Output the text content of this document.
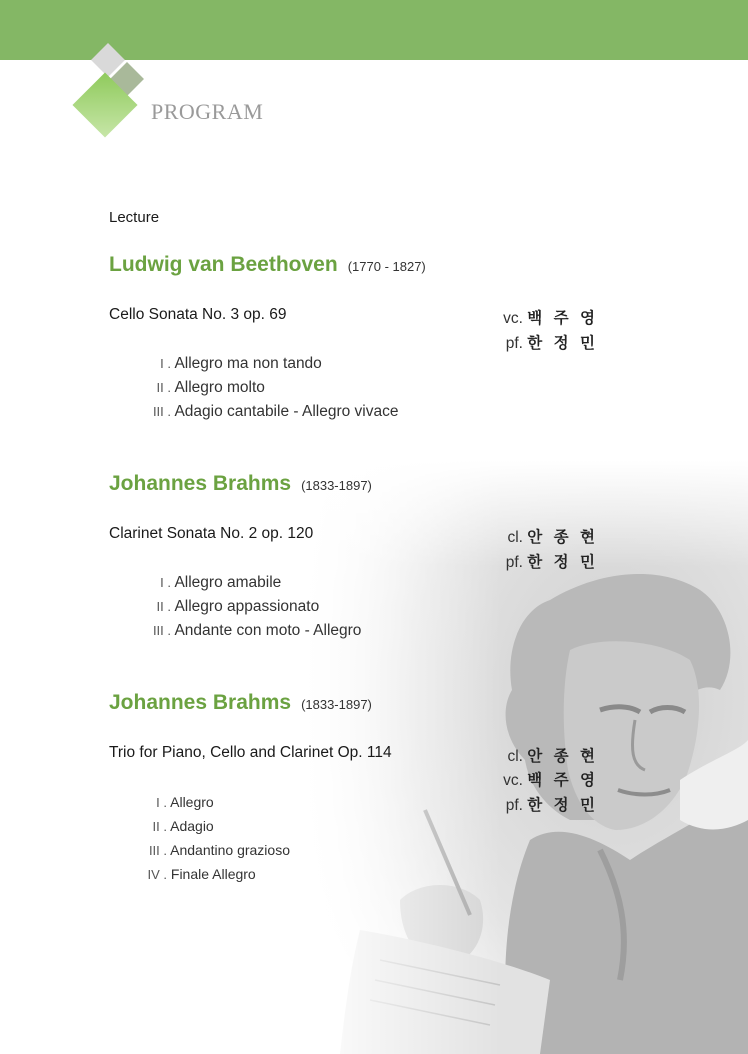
PROGRAM
Lecture
Ludwig van Beethoven (1770 - 1827)
Cello Sonata No. 3 op. 69	vc. 백 주 영
pf. 한 정 민
I . Allegro ma non tando
II . Allegro molto
III . Adagio cantabile - Allegro vivace
Johannes Brahms (1833-1897)
Clarinet Sonata No. 2 op. 120	cl. 안 종 현
pf. 한 정 민
I . Allegro amabile
II . Allegro appassionato
III . Andante con moto - Allegro
Johannes Brahms (1833-1897)
Trio for Piano, Cello and Clarinet Op. 114	cl. 안 종 현
vc. 백 주 영
pf. 한 정 민
I . Allegro
II . Adagio
III . Andantino grazioso
IV . Finale Allegro
